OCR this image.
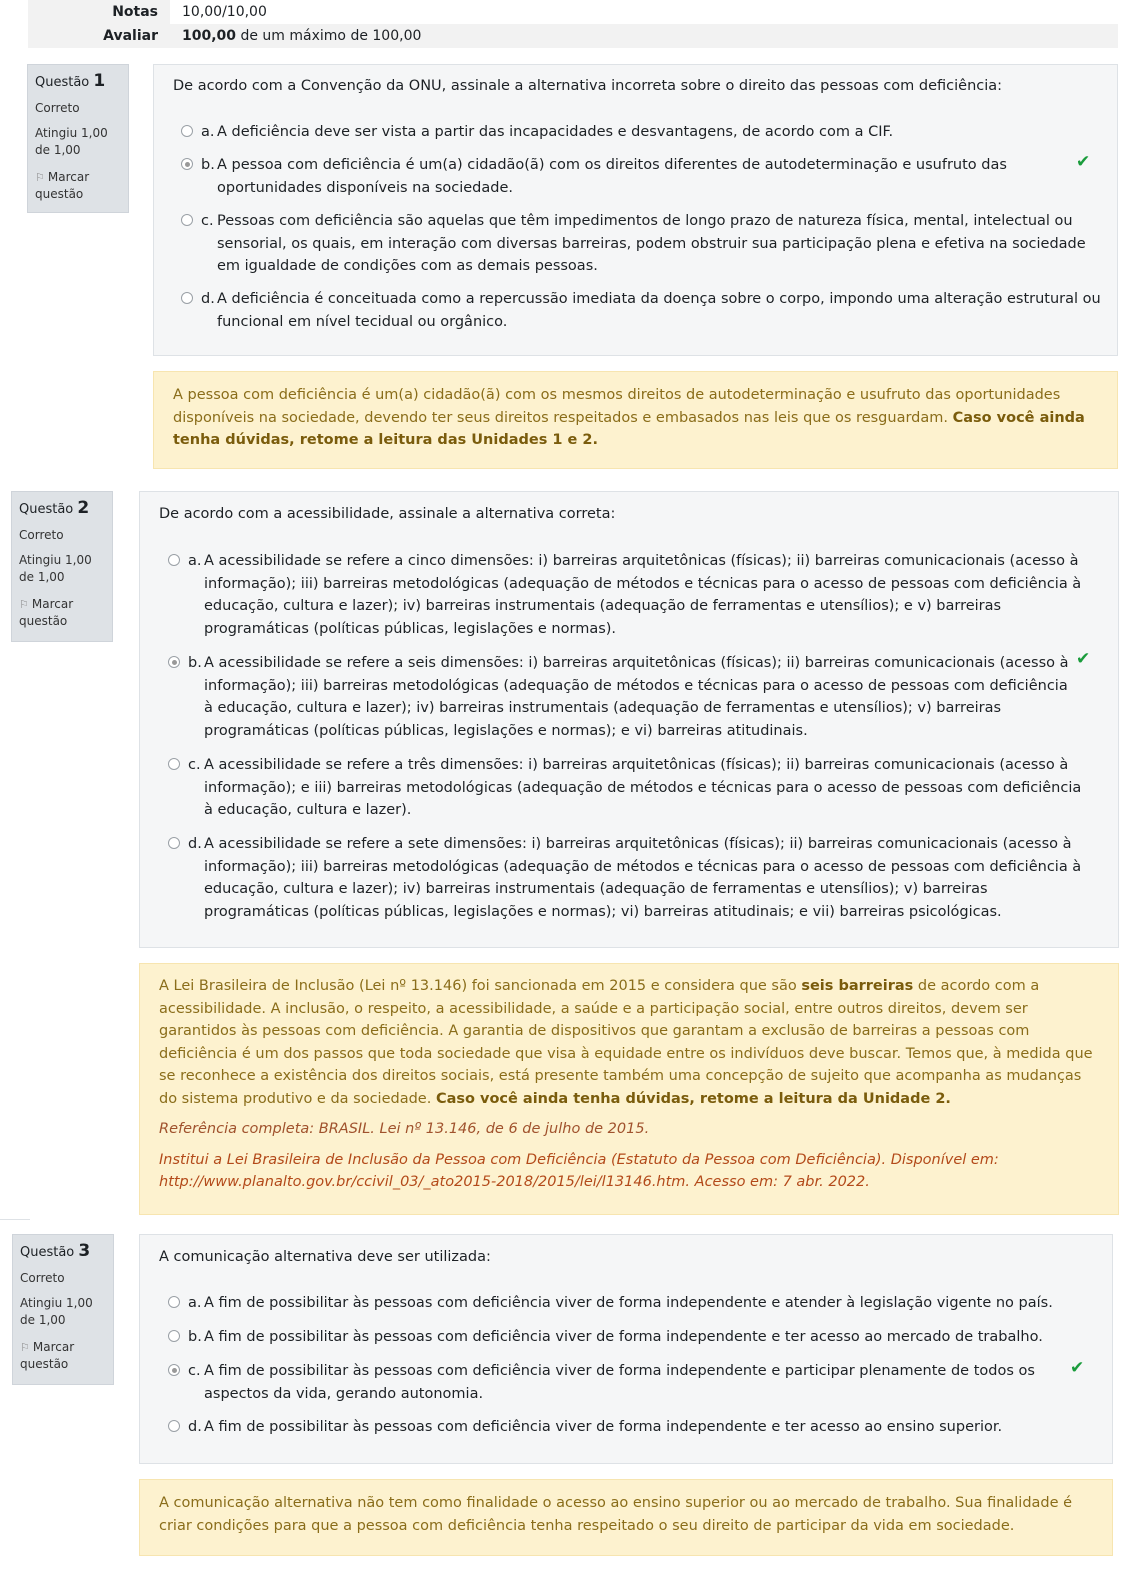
Notas	10,00/10,00
Avaliar	100,00 de um máximo de 100,00
Questão 1
Correto
Atingiu 1,00 de 1,00
⚐ Marcar questão

De acordo com a Convenção da ONU, assinale a alternativa incorreta sobre o direito das pessoas com deficiência:

a. A deficiência deve ser vista a partir das incapacidades e desvantagens, de acordo com a CIF.
b. A pessoa com deficiência é um(a) cidadão(ã) com os direitos diferentes de autodeterminação e usufruto das oportunidades disponíveis na sociedade.
✔
c. Pessoas com deficiência são aquelas que têm impedimentos de longo prazo de natureza física, mental, intelectual ou sensorial, os quais, em interação com diversas barreiras, podem obstruir sua participação plena e efetiva na sociedade em igualdade de condições com as demais pessoas.
d. A deficiência é conceituada como a repercussão imediata da doença sobre o corpo, impondo uma alteração estrutural ou funcional em nível tecidual ou orgânico.

A pessoa com deficiência é um(a) cidadão(ã) com os mesmos direitos de autodeterminação e usufruto das oportunidades disponíveis na sociedade, devendo ter seus direitos respeitados e embasados nas leis que os resguardam. Caso você ainda tenha dúvidas, retome a leitura das Unidades 1 e 2.

Questão 2
Correto
Atingiu 1,00 de 1,00
⚐ Marcar questão

De acordo com a acessibilidade, assinale a alternativa correta:

a. A acessibilidade se refere a cinco dimensões: i) barreiras arquitetônicas (físicas); ii) barreiras comunicacionais (acesso à informação); iii) barreiras metodológicas (adequação de métodos e técnicas para o acesso de pessoas com deficiência à educação, cultura e lazer); iv) barreiras instrumentais (adequação de ferramentas e utensílios); e v) barreiras programáticas (políticas públicas, legislações e normas).
b. A acessibilidade se refere a seis dimensões: i) barreiras arquitetônicas (físicas); ii) barreiras comunicacionais (acesso à informação); iii) barreiras metodológicas (adequação de métodos e técnicas para o acesso de pessoas com deficiência à educação, cultura e lazer); iv) barreiras instrumentais (adequação de ferramentas e utensílios); v) barreiras programáticas (políticas públicas, legislações e normas); e vi) barreiras atitudinais.
✔
c. A acessibilidade se refere a três dimensões: i) barreiras arquitetônicas (físicas); ii) barreiras comunicacionais (acesso à informação); e iii) barreiras metodológicas (adequação de métodos e técnicas para o acesso de pessoas com deficiência à educação, cultura e lazer).
d. A acessibilidade se refere a sete dimensões: i) barreiras arquitetônicas (físicas); ii) barreiras comunicacionais (acesso à informação); iii) barreiras metodológicas (adequação de métodos e técnicas para o acesso de pessoas com deficiência à educação, cultura e lazer); iv) barreiras instrumentais (adequação de ferramentas e utensílios); v) barreiras programáticas (políticas públicas, legislações e normas); vi) barreiras atitudinais; e vii) barreiras psicológicas.

A Lei Brasileira de Inclusão (Lei nº 13.146) foi sancionada em 2015 e considera que são seis barreiras de acordo com a acessibilidade. A inclusão, o respeito, a acessibilidade, a saúde e a participação social, entre outros direitos, devem ser garantidos às pessoas com deficiência. A garantia de dispositivos que garantam a exclusão de barreiras a pessoas com deficiência é um dos passos que toda sociedade que visa à equidade entre os indivíduos deve buscar. Temos que, à medida que se reconhece a existência dos direitos sociais, está presente também uma concepção de sujeito que acompanha as mudanças do sistema produtivo e da sociedade. Caso você ainda tenha dúvidas, retome a leitura da Unidade 2.

Referência completa: BRASIL. Lei nº 13.146, de 6 de julho de 2015.

Institui a Lei Brasileira de Inclusão da Pessoa com Deficiência (Estatuto da Pessoa com Deficiência). Disponível em: http://www.planalto.gov.br/ccivil_03/_ato2015-2018/2015/lei/l13146.htm. Acesso em: 7 abr. 2022.

Questão 3
Correto
Atingiu 1,00 de 1,00
⚐ Marcar questão

A comunicação alternativa deve ser utilizada:

a. A fim de possibilitar às pessoas com deficiência viver de forma independente e atender à legislação vigente no país.
b. A fim de possibilitar às pessoas com deficiência viver de forma independente e ter acesso ao mercado de trabalho.
c. A fim de possibilitar às pessoas com deficiência viver de forma independente e participar plenamente de todos os aspectos da vida, gerando autonomia.
✔
d. A fim de possibilitar às pessoas com deficiência viver de forma independente e ter acesso ao ensino superior.

A comunicação alternativa não tem como finalidade o acesso ao ensino superior ou ao mercado de trabalho. Sua finalidade é criar condições para que a pessoa com deficiência tenha respeitado o seu direito de participar da vida em sociedade.
